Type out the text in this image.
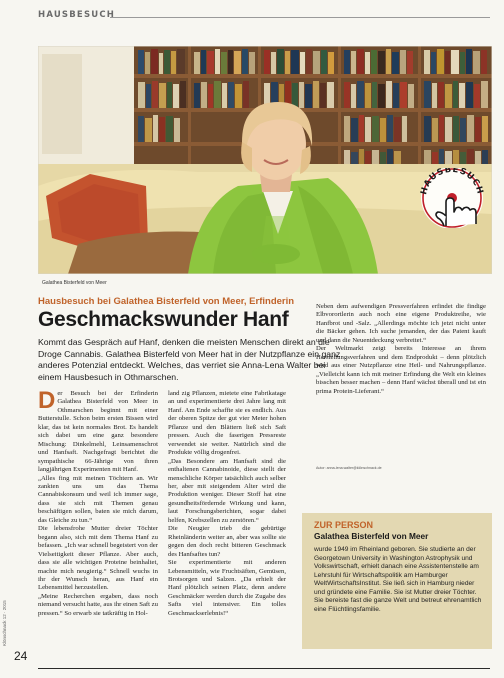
HAUSBESUCH
Galathea Bisterfeld von Meer
HAUSBESUCH
Hausbesuch bei Galathea Bisterfeld von Meer, Erfinderin
Geschmackswunder Hanf
Kommt das Gespräch auf Hanf, denken die meisten Menschen direkt an die Droge Cannabis. Galathea Bisterfeld von Meer hat in der Nutzpflanze ein ganz anderes Potenzial entdeckt. Welches, das verriet sie Anna-Lena Walter bei einem Hausbesuch in Othmarschen.

Der Besuch bei der Erfinderin Galathea Bisterfeld von Meer in Othmarschen beginnt mit einer Butterstulle. Schon beim ersten Bissen wird klar, das ist kein normales Brot. Es handelt sich dabei um eine ganz besondere Mischung: Dinkelmehl, Leinsamenschrot und Hanfsaft. Nachgefragt berichtet die sympathische 66-Jährige von ihren langjährigen Experimenten mit Hanf.

„Alles fing mit meinen Töchtern an. Wir zankten uns um das Thema Cannabiskonsum und weil ich immer sage, dass sie sich mit Themen genau beschäftigen sollen, baten sie mich darum, das Gleiche zu tun.“

Die lebensfrohe Mutter dreier Töchter begann also, sich mit dem Thema Hanf zu befassen. „Ich war schnell begeistert von der Vielseitigkeit dieser Pflanze. Aber auch, dass sie alle wichtigen Proteine beinhaltet, machte mich neugierig.“ Schnell wuchs in ihr der Wunsch heran, aus Hanf ein Lebensmittel herzustellen.

„Meine Recherchen ergaben, dass noch niemand versucht hatte, aus ihr einen Saft zu pressen.“ So erwarb sie tatkräftig in Hol-

land zig Pflanzen, mietete eine Fabrikatage an und experimentierte drei Jahre lang mit Hanf. Am Ende schaffte sie es endlich. Aus der oberen Spitze der gut vier Meter hohen Pflanze und den Blättern ließ sich Saft pressen. Auch die faserigen Pressreste verwendet sie weiter. Natürlich sind die Produkte völlig drogenfrei.

„Das Besondere am Hanfsaft sind die enthaltenen Cannabinoide, diese stellt der menschliche Körper tatsächlich auch selber her, aber mit steigendem Alter wird die Produktion weniger. Dieser Stoff hat eine gesundheitsfördernde Wirkung und kann, laut Forschungsberichten, sogar dabei helfen, Krebszellen zu zerstören.“

Die Neugier trieb die gebürtige Rheinländerin weiter an, aber was sollte sie gegen den doch recht bitteren Geschmack des Hanfsaftes tun?

Sie experimentierte mit anderen Lebensmitteln, wie Fruchtsäften, Gemüsen, Brotsorgen und Salzen. „Da erhielt der Hanf plötzlich seinen Platz, denn andere Geschmäcker werden durch die Zugabe des Safts viel intensiver. Ein tolles Geschmackserlebnis!“

Neben dem aufwendigen Pressverfahren erfindet die findige Elbvorortlerin auch noch eine eigene Produktreihe, wie Hanfbrot und -Salz. „Allerdings möchte ich jetzt nicht unter die Bäcker gehen. Ich suche jemanden, der das Patent kauft und dann die Neuentdeckung verbreitet.“

Der Weltmarkt zeigt bereits Interesse an ihrem Herstellungsverfahren und dem Endprodukt – denn plötzlich wird aus einer Nutzpflanze eine Heil- und Nahrungspflanze. „Vielleicht kann ich mit meiner Erfindung die Welt ein kleines bisschen besser machen – denn Hanf wächst überall und ist ein prima Protein-Lieferant.“

Autor: anna-lena.walter@klönschnack.de
ZUR PERSON
Galathea Bisterfeld von Meer

wurde 1949 im Rheinland geboren. Sie studierte an der Georgetown University in Washington Astrophysik und Volkswirtschaft, erhielt danach eine Assistentenstelle am Lehrstuhl für Wirtschaftspolitik am Hamburger WeltWirtschaftsInstitut. Sie ließ sich in Hamburg nieder und gründete eine Familie. Sie ist Mutter dreier Töchter. Sie bereiste fast die ganze Welt und betreut ehrenamtlich eine Flüchtlingsfamilie.

Klönschnack 12 · 2015
24
